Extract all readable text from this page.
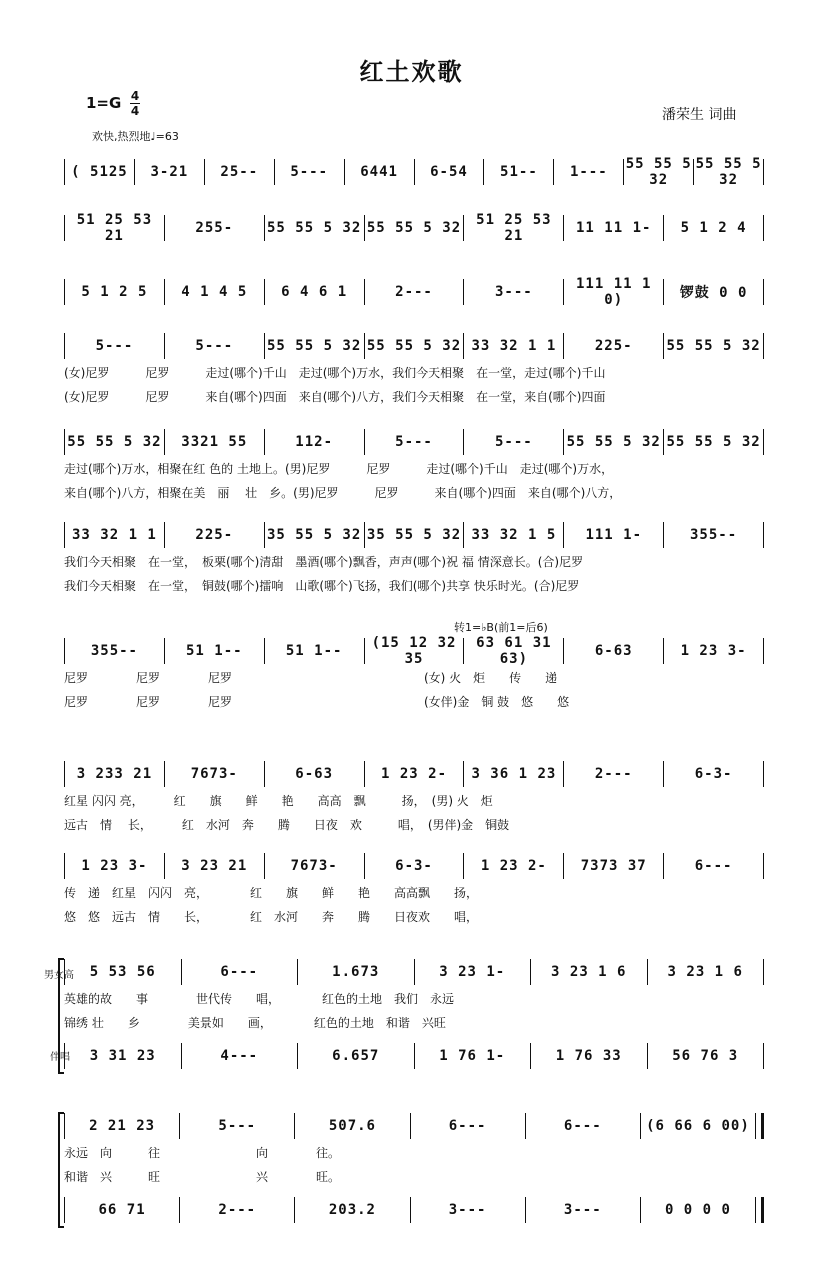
红土欢歌
1=G 4
4	潘荣生 词曲
欢快,热烈地♩=63
( 5125	3-21	25--	5---	6441	6-54	51--	1---	55 55 5 32
55 55 5 32
51 25 53 21	255-	55 55 5 32 55 55 5 32	51 25 53 21	11 11 1-	5 1 2 4
5 1 2 5	4 1 4 5	6 4 6 1	2---	3---	111 11 1 0)	锣鼓 0 0
5---	5---	55 55 5 32 55 55 5 32 33 32 1 1	225-	55 55 5 32
(女)尼罗　　　尼罗　　　走过(哪个)千山　走过(哪个)万水，我们今天相聚　在一堂，走过(哪个)千山
(女)尼罗　　　尼罗　　　来自(哪个)四面　来自(哪个)八方，我们今天相聚　在一堂，来自(哪个)四面
55 55 5 32	3321 55	112-	5---	5---	55 55 5 32 55 55 5 32
走过(哪个)万水，相聚在红 色的 土地上。(男)尼罗　　　尼罗　　　走过(哪个)千山　走过(哪个)万水，
来自(哪个)八方，相聚在美　丽　 壮　乡。(男)尼罗　　　尼罗　　　来自(哪个)四面　来自(哪个)八方，
33 32 1 1	225-	35 55 5 32 35 55 5 32 33 32 1 5	111 1-	355--
我们今天相聚　在一堂，　板栗(哪个)清甜　墨酒(哪个)飘香，声声(哪个)祝 福 情深意长。(合)尼罗
我们今天相聚　在一堂，　铜鼓(哪个)擂响　山歌(哪个)飞扬，我们(哪个)共享 快乐时光。(合)尼罗
转1=♭B(前1=后6)
355--	51 1--	51 1--	(15 12 32 35
63 61 31 63)	6-63	1 23 3-
尼罗　　　　尼罗　　　　尼罗　　　　　　　　　　　　　　　　(女) 火　炬　　传　　递
尼罗　　　　尼罗　　　　尼罗　　　　　　　　　　　　　　　　(女伴)金　铜 鼓　悠　　悠
3 233 21	7673-	6-63	1 23 2-	3 36 1 23	2---	6-3-
红星 闪闪 亮，　　　红　　旗　　鲜　　艳　　高高　飘　　　扬，　(男) 火　炬
远古　情　 长，　　　红　水河　奔　　腾　　日夜　欢　　　唱，　(男伴)金　铜鼓
1 23 3-	3 23 21	7673-	6-3-	1 23 2-	7373 37	6---
传　递　红星　闪闪　亮，　　　　红　　旗　　鲜　　艳　　高高飘　　扬，
悠　悠　远古　情　　长，　　　　红　水河　　奔　　腾　　日夜欢　　唱，
5 53 56	6---	1.673	3 23 1-	3 23 1 6	3 23 1 6
英雄的故　　事　　　　世代传　　唱，　　　　红色的土地　我们　永远
锦绣 壮　　乡　　　　美景如　　画，　　　　红色的土地　和谐　兴旺
3 31 23	4---	6.657	1 76 1-	1 76 33	56 76 3
男女高
伴唱
2 21 23	5---	507.6	6---	6---	(6 66 6 00)
永远　向　　　往　　　　　　　　向　　　　往。
和谐　兴　　　旺　　　　　　　　兴　　　　旺。
66 71	2---	203.2	3---	3---	0 0 0 0
